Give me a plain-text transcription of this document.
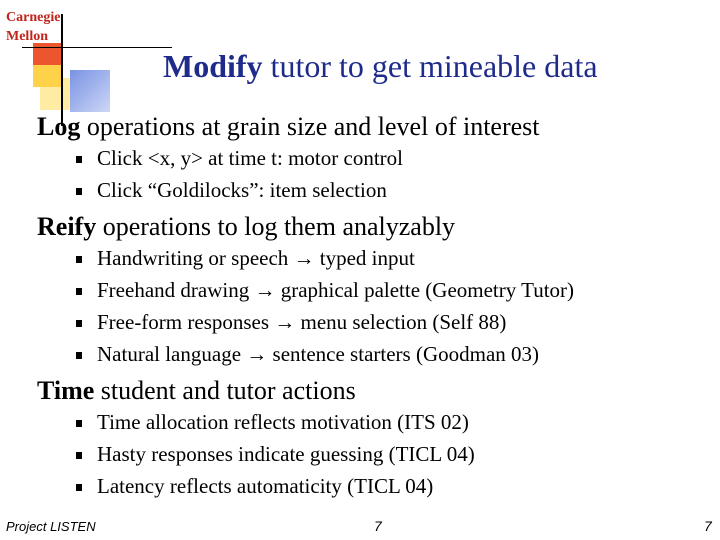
Carnegie
Mellon
Modify tutor to get mineable data
Log operations at grain size and level of interest
Click <x, y> at time t: motor control
Click “Goldilocks”: item selection
Reify operations to log them analyzably
Handwriting or speech → typed input
Freehand drawing → graphical palette (Geometry Tutor)
Free-form responses → menu selection (Self 88)
Natural language → sentence starters (Goodman 03)
Time student and tutor actions
Time allocation reflects motivation (ITS 02)
Hasty responses indicate guessing (TICL 04)
Latency reflects automaticity (TICL 04)
Project LISTEN	7	7
